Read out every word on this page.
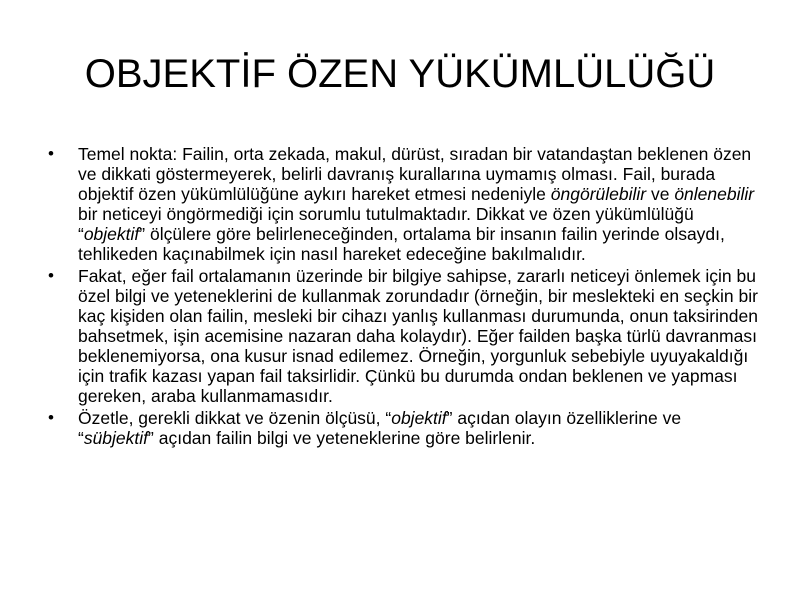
OBJEKTİF ÖZEN YÜKÜMLÜLÜĞÜ
•	Temel nokta: Failin, orta zekada, makul, dürüst, sıradan bir vatandaştan beklenen özen ve dikkati göstermeyerek, belirli davranış kurallarına uymamış olması. Fail, burada objektif özen yükümlülüğüne aykırı hareket etmesi nedeniyle öngörülebilir ve önlenebilir bir neticeyi öngörmediği için sorumlu tutulmaktadır. Dikkat ve özen yükümlülüğü “objektif” ölçülere göre belirleneceğinden, ortalama bir insanın failin yerinde olsaydı, tehlikeden kaçınabilmek için nasıl hareket edeceğine bakılmalıdır.
•	Fakat, eğer fail ortalamanın üzerinde bir bilgiye sahipse, zararlı neticeyi önlemek için bu özel bilgi ve yeteneklerini de kullanmak zorundadır (örneğin, bir meslekteki en seçkin bir kaç kişiden olan failin, mesleki bir cihazı yanlış kullanması durumunda, onun taksirinden bahsetmek, işin acemisine nazaran daha kolaydır). Eğer failden başka türlü davranması beklenemiyorsa, ona kusur isnad edilemez. Örneğin, yorgunluk sebebiyle uyuyakaldığı için trafik kazası yapan fail taksirlidir. Çünkü bu durumda ondan beklenen ve yapması gereken, araba kullanmamasıdır.
•	Özetle, gerekli dikkat ve özenin ölçüsü, “objektif” açıdan olayın özelliklerine ve “sübjektif” açıdan failin bilgi ve yeteneklerine göre belirlenir.
